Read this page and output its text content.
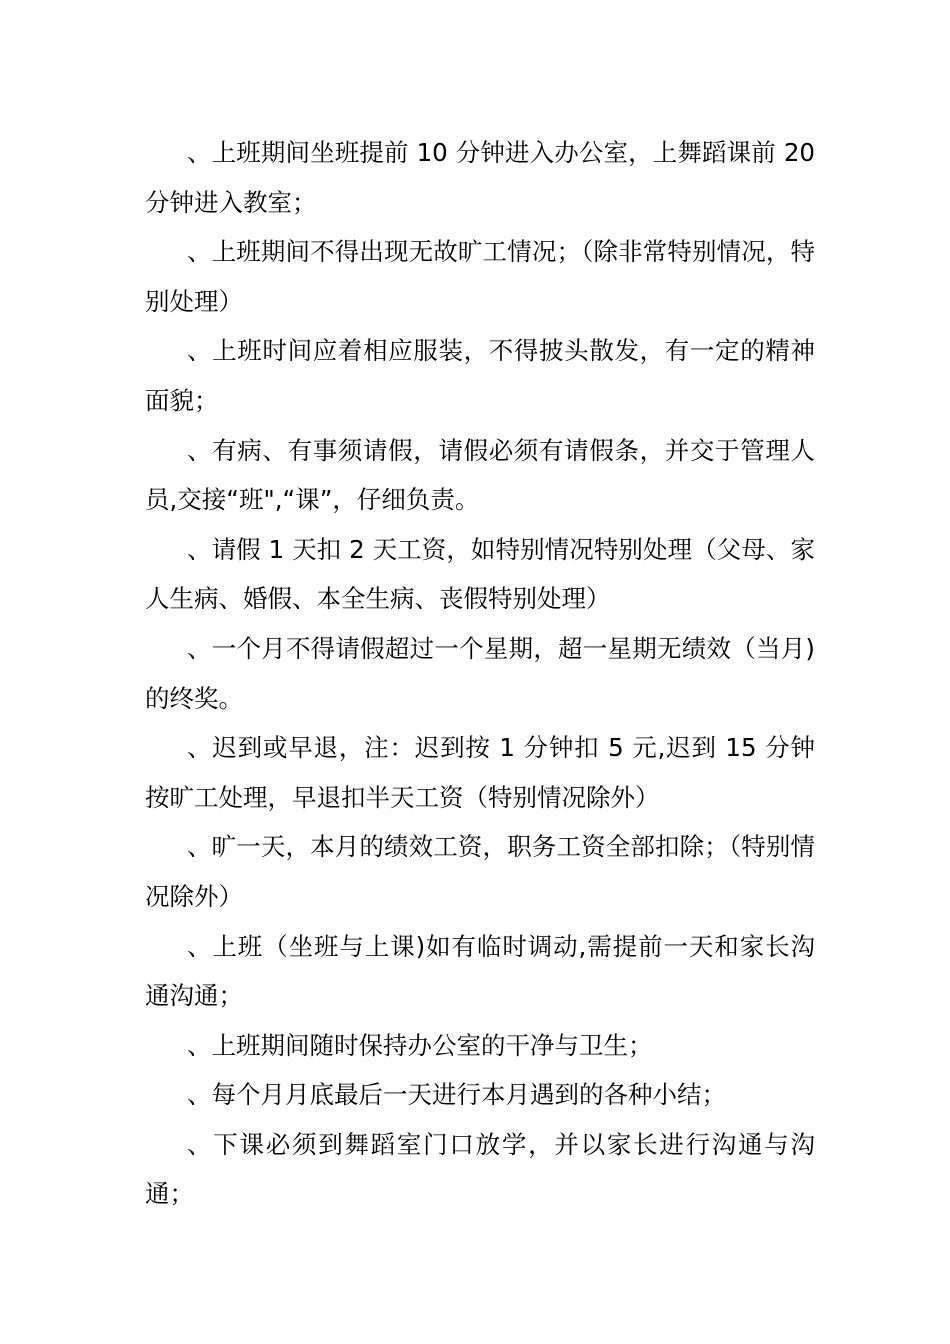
、上班期间坐班提前 10 分钟进入办公室，上舞蹈课前 20 分钟进入教室；

、上班期间不得出现无故旷工情况；（除非常特别情况，特别处理）

、上班时间应着相应服装，不得披头散发，有一定的精神面貌；

、有病、有事须请假，请假必须有请假条，并交于管理人员,交接“班",“课”，仔细负责。

、请假 1 天扣 2 天工资，如特别情况特别处理（父母、家人生病、婚假、本全生病、丧假特别处理）

、一个月不得请假超过一个星期，超一星期无绩效（当月)的终奖。

、迟到或早退，注：迟到按 1 分钟扣 5 元,迟到 15 分钟按旷工处理，早退扣半天工资（特别情况除外）

、旷一天，本月的绩效工资，职务工资全部扣除；（特别情况除外）

、上班（坐班与上课)如有临时调动,需提前一天和家长沟通沟通；

、上班期间随时保持办公室的干净与卫生；

、每个月月底最后一天进行本月遇到的各种小结；

、下课必须到舞蹈室门口放学，并以家长进行沟通与沟通；
